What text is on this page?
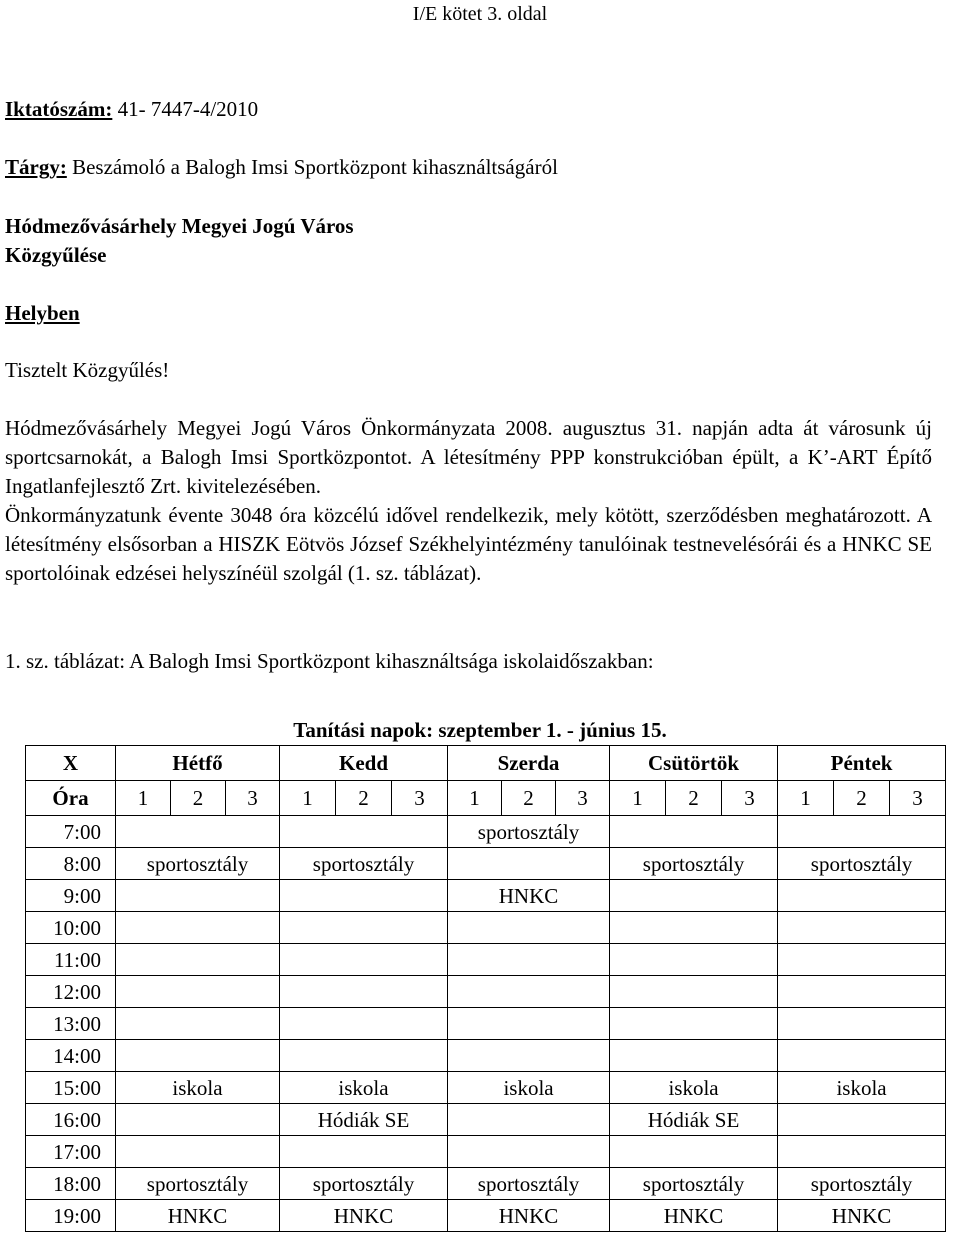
I/E kötet 3. oldal
Iktatószám: 41- 7447-4/2010
Tárgy: Beszámoló a Balogh Imsi Sportközpont kihasználtságáról
Hódmezővásárhely Megyei Jogú Város
Közgyűlése
Helyben
Tisztelt Közgyűlés!
Hódmezővásárhely Megyei Jogú Város Önkormányzata 2008. augusztus 31. napján adta át városunk új sportcsarnokát, a Balogh Imsi Sportközpontot. A létesítmény PPP konstrukcióban épült, a K’-ART Építő Ingatlanfejlesztő Zrt. kivitelezésében.
Önkormányzatunk évente 3048 óra közcélú idővel rendelkezik, mely kötött, szerződésben meghatározott. A létesítmény elsősorban a HISZK Eötvös József Székhelyintézmény tanulóinak testnevelésórái és a HNKC SE sportolóinak edzései helyszínéül szolgál (1. sz. táblázat).
1. sz. táblázat: A Balogh Imsi Sportközpont kihasználtsága iskolaidőszakban:
Tanítási napok: szeptember 1. - június 15.
X	Hétfő			Kedd			Szerda			Csütörtök			Péntek		
Óra	1	2	3	1	2	3	1	2	3	1	2	3	1	2	3
7:00							sportosztály								
8:00	sportosztály			sportosztály						sportosztály			sportosztály		
9:00							HNKC								
10:00															
11:00															
12:00															
13:00															
14:00															
15:00	iskola			iskola			iskola			iskola			iskola		
16:00				Hódiák SE						Hódiák SE					
17:00															
18:00	sportosztály			sportosztály			sportosztály			sportosztály			sportosztály		
19:00	HNKC			HNKC			HNKC			HNKC			HNKC		
